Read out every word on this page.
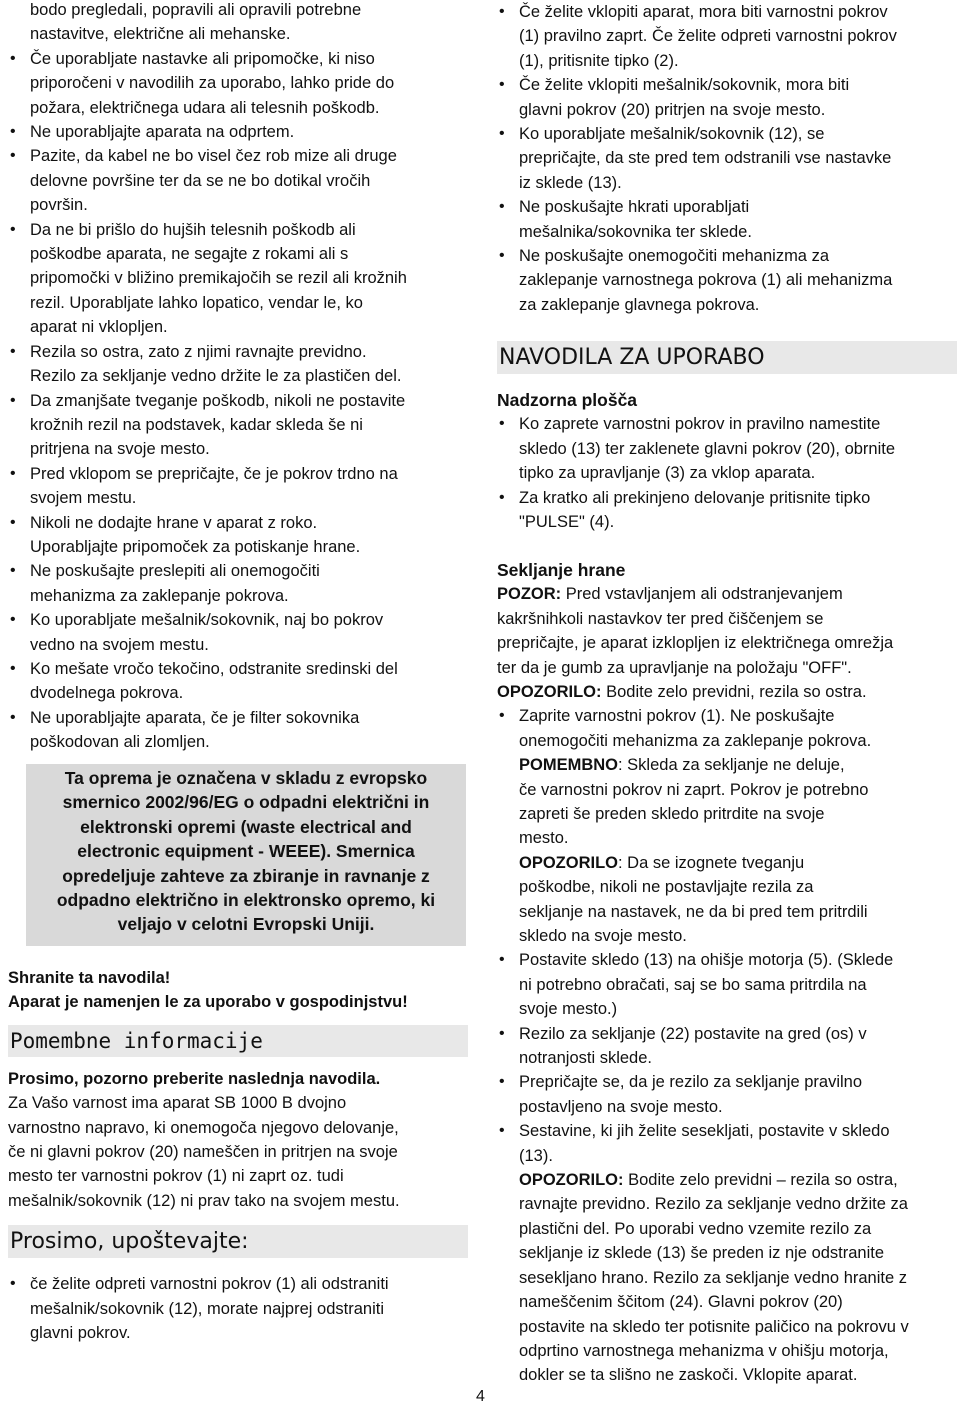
bodo pregledali, popravili ali opravili potrebne
nastavitve, električne ali mehanske.
• Če uporabljate nastavke ali pripomočke, ki niso
priporočeni v navodilih za uporabo, lahko pride do
požara, električnega udara ali telesnih poškodb.
• Ne uporabljajte aparata na odprtem.
• Pazite, da kabel ne bo visel čez rob mize ali druge
delovne površine ter da se ne bo dotikal vročih
površin.
• Da ne bi prišlo do hujših telesnih poškodb ali
poškodbe aparata, ne segajte z rokami ali s
pripomočki v bližino premikajočih se rezil ali krožnih
rezil. Uporabljate lahko lopatico, vendar le, ko
aparat ni vklopljen.
• Rezila so ostra, zato z njimi ravnajte previdno.
Rezilo za sekljanje vedno držite le za plastičen del.
• Da zmanjšate tveganje poškodb, nikoli ne postavite
krožnih rezil na podstavek, kadar skleda še ni
pritrjena na svoje mesto.
• Pred vklopom se prepričajte, če je pokrov trdno na
svojem mestu.
• Nikoli ne dodajte hrane v aparat z roko.
Uporabljajte pripomoček za potiskanje hrane.
• Ne poskušajte preslepiti ali onemogočiti
mehanizma za zaklepanje pokrova.
• Ko uporabljate mešalnik/sokovnik, naj bo pokrov
vedno na svojem mestu.
• Ko mešate vročo tekočino, odstranite sredinski del
dvodelnega pokrova.
• Ne uporabljajte aparata, če je filter sokovnika
poškodovan ali zlomljen.
Ta oprema je označena v skladu z evropsko
smernico 2002/96/EG o odpadni električni in
elektronski opremi (waste electrical and
electronic equipment - WEEE). Smernica
opredeljuje zahteve za zbiranje in ravnanje z
odpadno električno in elektronsko opremo, ki
veljajo v celotni Evropski Uniji.
Shranite ta navodila!
Aparat je namenjen le za uporabo v gospodinjstvu!
Pomembne informacije
Prosimo, pozorno preberite naslednja navodila.
Za Vašo varnost ima aparat SB 1000 B dvojno
varnostno napravo, ki onemogoča njegovo delovanje,
če ni glavni pokrov (20) nameščen in pritrjen na svoje
mesto ter varnostni pokrov (1) ni zaprt oz. tudi
mešalnik/sokovnik (12) ni prav tako na svojem mestu.
Prosimo, upoštevajte:
• če želite odpreti varnostni pokrov (1) ali odstraniti
mešalnik/sokovnik (12), morate najprej odstraniti
glavni pokrov.
• Če želite vklopiti aparat, mora biti varnostni pokrov
(1) pravilno zaprt. Če želite odpreti varnostni pokrov
(1), pritisnite tipko (2).
• Če želite vklopiti mešalnik/sokovnik, mora biti
glavni pokrov (20) pritrjen na svoje mesto.
• Ko uporabljate mešalnik/sokovnik (12), se
prepričajte, da ste pred tem odstranili vse nastavke
iz sklede (13).
• Ne poskušajte hkrati uporabljati
mešalnika/sokovnika ter sklede.
• Ne poskušajte onemogočiti mehanizma za
zaklepanje varnostnega pokrova (1) ali mehanizma
za zaklepanje glavnega pokrova.
NAVODILA ZA UPORABO
Nadzorna plošča
• Ko zaprete varnostni pokrov in pravilno namestite
skledo (13) ter zaklenete glavni pokrov (20), obrnite
tipko za upravljanje (3) za vklop aparata.
• Za kratko ali prekinjeno delovanje pritisnite tipko
"PULSE" (4).
Sekljanje hrane
POZOR: Pred vstavljanjem ali odstranjevanjem
kakršnihkoli nastavkov ter pred čiščenjem se
prepričajte, je aparat izklopljen iz električnega omrežja
ter da je gumb za upravljanje na položaju "OFF".
OPOZORILO: Bodite zelo previdni, rezila so ostra.
• Zaprite varnostni pokrov (1). Ne poskušajte
onemogočiti mehanizma za zaklepanje pokrova.
POMEMBNO: Skleda za sekljanje ne deluje,
če varnostni pokrov ni zaprt. Pokrov je potrebno
zapreti še preden skledo pritrdite na svoje
mesto.
OPOZORILO: Da se izognete tveganju
poškodbe, nikoli ne postavljajte rezila za
sekljanje na nastavek, ne da bi pred tem pritrdili
skledo na svoje mesto.
• Postavite skledo (13) na ohišje motorja (5). (Sklede
ni potrebno obračati, saj se bo sama pritrdila na
svoje mesto.)
• Rezilo za sekljanje (22) postavite na gred (os) v
notranjosti sklede.
• Prepričajte se, da je rezilo za sekljanje pravilno
postavljeno na svoje mesto.
• Sestavine, ki jih želite sesekljati, postavite v skledo
(13).
OPOZORILO: Bodite zelo previdni – rezila so ostra,
ravnajte previdno. Rezilo za sekljanje vedno držite za
plastični del. Po uporabi vedno vzemite rezilo za
sekljanje iz sklede (13) še preden iz nje odstranite
sesekljano hrano. Rezilo za sekljanje vedno hranite z
nameščenim ščitom (24). Glavni pokrov (20)
postavite na skledo ter potisnite paličico na pokrovu v
odprtino varnostnega mehanizma v ohišju motorja,
dokler se ta slišno ne zaskoči. Vklopite aparat.
4
